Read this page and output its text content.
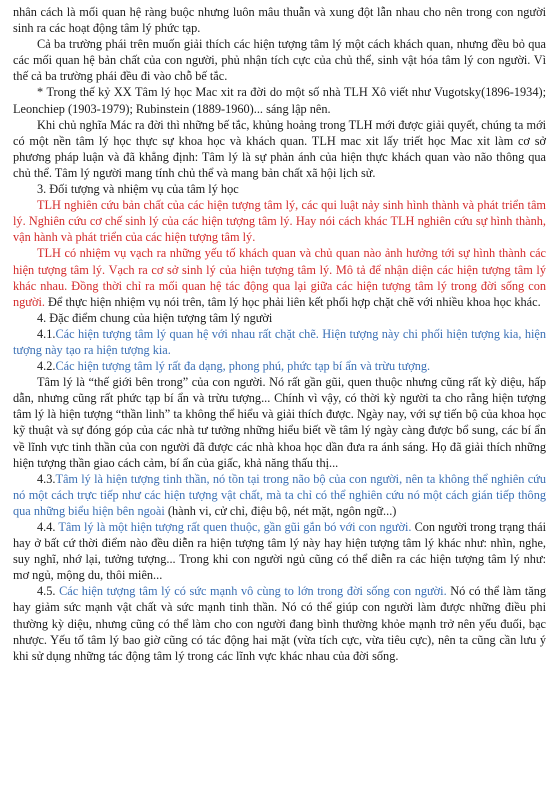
nhân cách là mối quan hệ ràng buộc nhưng luôn mâu thuẫn và xung đột lẫn nhau cho nên trong con người sinh ra các hoạt động tâm lý phức tạp.

Cả ba trường phái trên muốn giải thích các hiện tượng tâm lý một cách khách quan, nhưng đều bỏ qua các mối quan hệ bản chất của con người, phủ nhận tích cực của chủ thể, sinh vật hóa tâm lý con người. Vì thế cả ba trường phái đều đi vào chỗ bế tắc.

* Trong thế kỷ XX Tâm lý học Mac xit ra đời do một số nhà TLH Xô viết như Vugotsky(1896-1934); Leonchiep (1903-1979); Rubinstein (1889-1960)... sáng lập nên.

Khi chủ nghĩa Mác ra đời thì những bế tắc, khủng hoảng trong TLH mới được giải quyết, chúng ta mới có một nền tâm lý học thực sự khoa học và khách quan. TLH mac xit lấy triết học Mac xit làm cơ sở phương pháp luận và đã khẳng định: Tâm lý là sự phản ánh của hiện thực khách quan vào não thông qua chủ thể. Tâm lý người mang tính chủ thể và mang bản chất xã hội lịch sử.

3. Đối tượng và nhiệm vụ của tâm lý học

TLH nghiên cứu bản chất của các hiện tượng tâm lý, các qui luật nảy sinh hình thành và phát triển tâm lý. Nghiên cứu cơ chế sinh lý của các hiện tượng tâm lý. Hay nói cách khác TLH nghiên cứu sự hình thành, vận hành và phát triển của các hiện tượng tâm lý.

TLH có nhiệm vụ vạch ra những yếu tố khách quan và chủ quan nào ảnh hưởng tới sự hình thành các hiện tượng tâm lý. Vạch ra cơ sở sinh lý của hiện tượng tâm lý. Mô tả để nhận diện các hiện tượng tâm lý khác nhau. Đồng thời chỉ ra mối quan hệ tác động qua lại giữa các hiện tượng tâm lý trong đời sống con người. Để thực hiện nhiệm vụ nói trên, tâm lý học phải liên kết phối hợp chặt chẽ với nhiều khoa học khác.

4. Đặc điểm chung của hiện tượng tâm lý người

4.1.Các hiện tượng tâm lý quan hệ với nhau rất chặt chẽ. Hiện tượng này chi phối hiện tượng kia, hiện tượng này tạo ra hiện tượng kia.

4.2.Các hiện tượng tâm lý rất đa dạng, phong phú, phức tạp bí ẩn và trừu tượng.

Tâm lý là “thế giới bên trong” của con người. Nó rất gần gũi, quen thuộc nhưng cũng rất kỳ diệu, hấp dẫn, nhưng cũng rất phức tạp bí ẩn và trừu tượng... Chính vì vậy, có thời kỳ người ta cho rằng hiện tượng tâm lý là hiện tượng “thần linh” ta không thể hiểu và giải thích được. Ngày nay, với sự tiến bộ của khoa học kỹ thuật và sự đóng góp của các nhà tư tưởng những hiểu biết về tâm lý ngày càng được bổ sung, các bí ẩn về lĩnh vực tinh thần của con người đã được các nhà khoa học dần đưa ra ánh sáng. Họ đã giải thích những hiện tượng thần giao cách cảm, bí ẩn của giấc, khả năng thấu thị...

4.3.Tâm lý là hiện tượng tinh thần, nó tồn tại trong não bộ của con người, nên ta không thể nghiên cứu nó một cách trực tiếp như các hiện tượng vật chất, mà ta chỉ có thể nghiên cứu nó một cách gián tiếp thông qua những biểu hiện bên ngoài (hành vi, cử chỉ, điệu bộ, nét mặt, ngôn ngữ...)

4.4. Tâm lý là một hiện tượng rất quen thuộc, gần gũi gắn bó với con người. Con người trong trạng thái hay ở bất cứ thời điểm nào đều diễn ra hiện tượng tâm lý này hay hiện tượng tâm lý khác như: nhìn, nghe, suy nghĩ, nhớ lại, tưởng tượng... Trong khi con người ngủ cũng có thể diễn ra các hiện tượng tâm lý như: mơ ngủ, mộng du, thôi miên...

4.5. Các hiện tượng tâm lý có sức mạnh vô cùng to lớn trong đời sống con người. Nó có thể làm tăng hay giảm sức mạnh vật chất và sức mạnh tinh thần. Nó có thể giúp con người làm được những điều phi thường kỳ diệu, nhưng cũng có thể làm cho con người đang bình thường khỏe mạnh trở nên yếu đuối, bạc nhược. Yếu tố tâm lý bao giờ cũng có tác động hai mặt (vừa tích cực, vừa tiêu cực), nên ta cũng cần lưu ý khi sử dụng những tác động tâm lý trong các lĩnh vực khác nhau của đời sống.
